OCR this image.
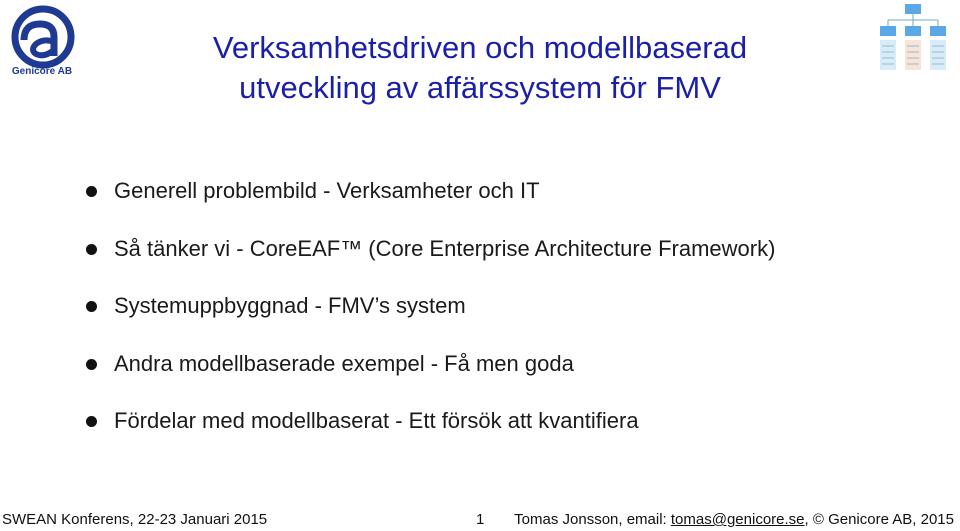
Genicore AB
Verksamhetsdriven och modellbaserad
utveckling av affärssystem för FMV
Generell problembild - Verksamheter och IT
Så tänker vi - CoreEAF™ (Core Enterprise Architecture Framework)
Systemuppbyggnad - FMV’s system
Andra modellbaserade exempel - Få men goda
Fördelar med modellbaserat - Ett försök att kvantifiera
SWEAN Konferens, 22-23 Januari 2015	1 Tomas Jonsson, email: tomas@genicore.se, © Genicore AB, 2015
